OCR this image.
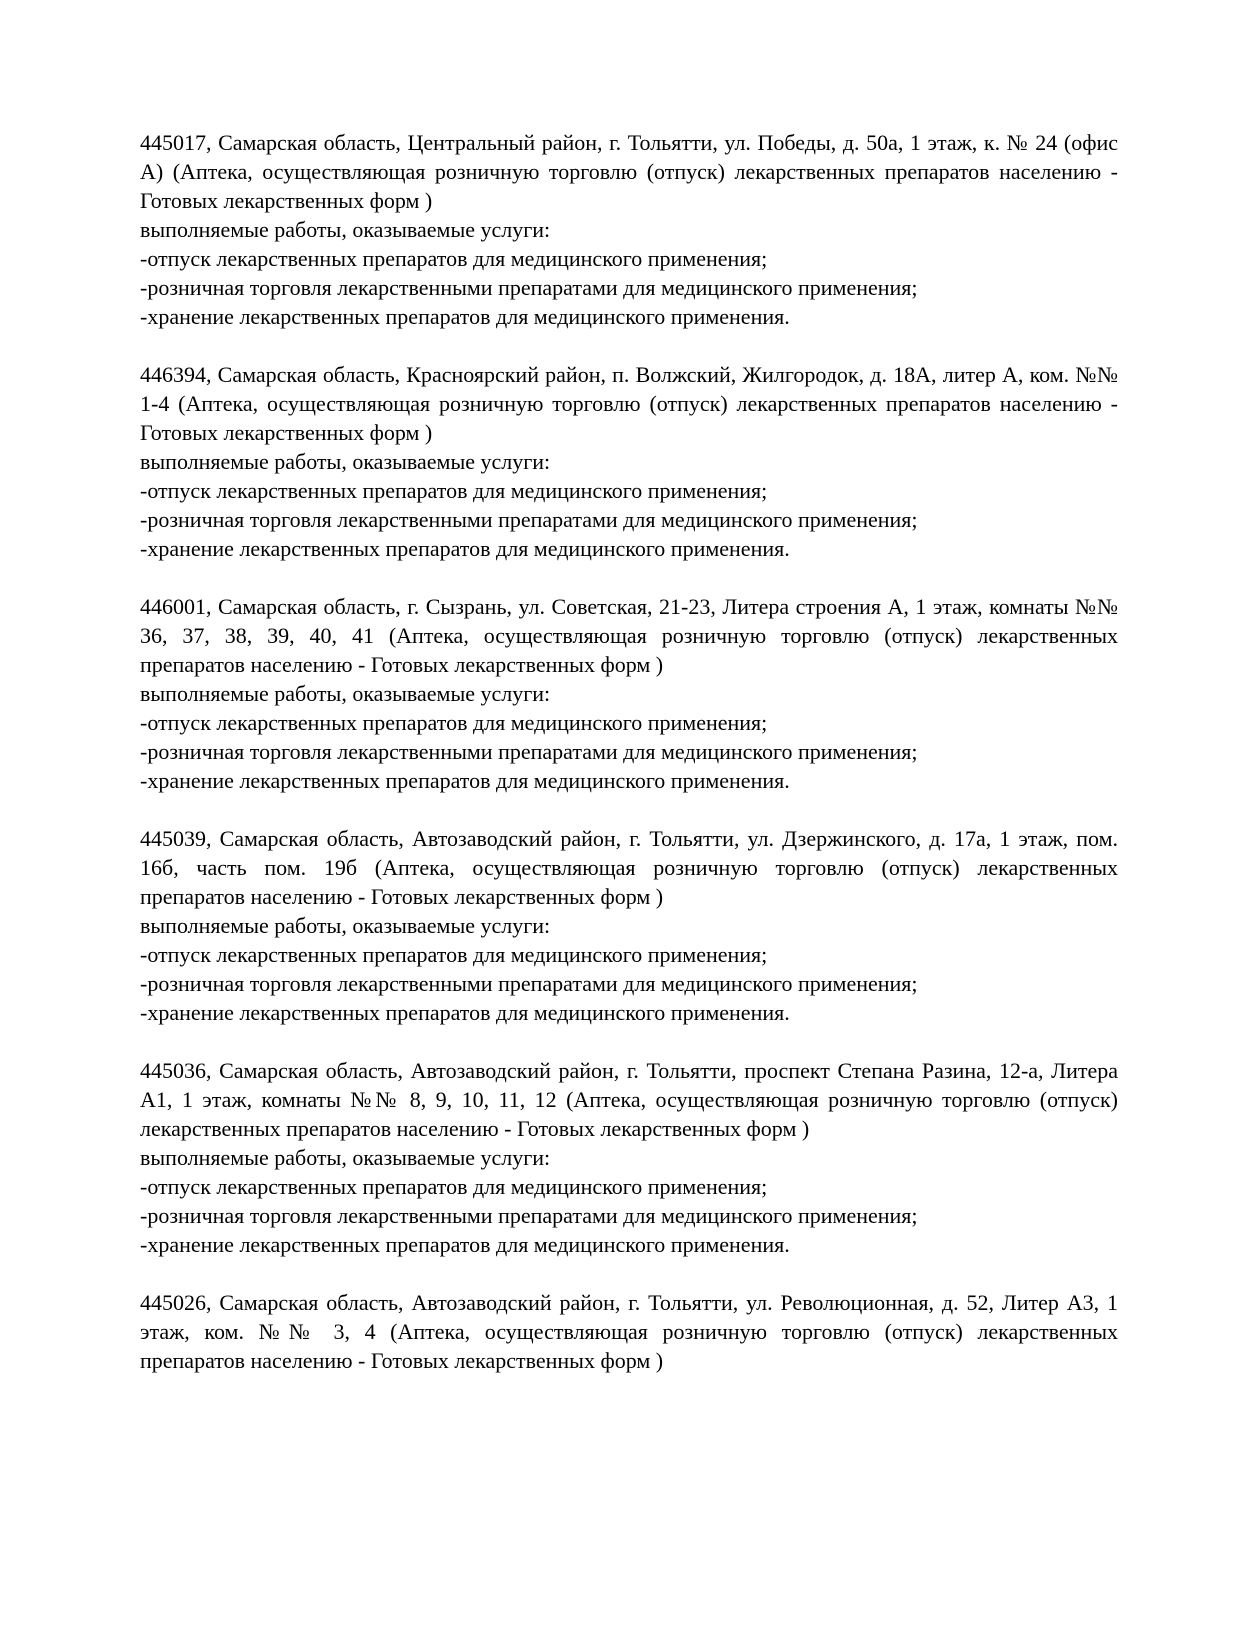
445017, Самарская область, Центральный район, г. Тольятти, ул. Победы, д. 50а, 1 этаж, к. № 24 (офис А) (Аптека, осуществляющая розничную торговлю (отпуск) лекарственных препаратов населению - Готовых лекарственных форм )

выполняемые работы, оказываемые услуги:

-отпуск лекарственных препаратов для медицинского применения;

-розничная торговля лекарственными препаратами для медицинского применения;

-хранение лекарственных препаратов для медицинского применения.

446394, Самарская область, Красноярский район, п. Волжский, Жилгородок, д. 18А, литер А, ком. №№ 1-4 (Аптека, осуществляющая розничную торговлю (отпуск) лекарственных препаратов населению - Готовых лекарственных форм )

выполняемые работы, оказываемые услуги:

-отпуск лекарственных препаратов для медицинского применения;

-розничная торговля лекарственными препаратами для медицинского применения;

-хранение лекарственных препаратов для медицинского применения.

446001, Самарская область, г. Сызрань, ул. Советская, 21-23, Литера строения А, 1 этаж, комнаты №№ 36, 37, 38, 39, 40, 41 (Аптека, осуществляющая розничную торговлю (отпуск) лекарственных препаратов населению - Готовых лекарственных форм )

выполняемые работы, оказываемые услуги:

-отпуск лекарственных препаратов для медицинского применения;

-розничная торговля лекарственными препаратами для медицинского применения;

-хранение лекарственных препаратов для медицинского применения.

445039, Самарская область, Автозаводский район, г. Тольятти, ул. Дзержинского, д. 17а, 1 этаж, пом. 16б, часть пом. 19б (Аптека, осуществляющая розничную торговлю (отпуск) лекарственных препаратов населению - Готовых лекарственных форм )

выполняемые работы, оказываемые услуги:

-отпуск лекарственных препаратов для медицинского применения;

-розничная торговля лекарственными препаратами для медицинского применения;

-хранение лекарственных препаратов для медицинского применения.

445036, Самарская область, Автозаводский район, г. Тольятти, проспект Степана Разина, 12-а, Литера А1, 1 этаж, комнаты №№ 8, 9, 10, 11, 12 (Аптека, осуществляющая розничную торговлю (отпуск) лекарственных препаратов населению - Готовых лекарственных форм )

выполняемые работы, оказываемые услуги:

-отпуск лекарственных препаратов для медицинского применения;

-розничная торговля лекарственными препаратами для медицинского применения;

-хранение лекарственных препаратов для медицинского применения.

445026, Самарская область, Автозаводский район, г. Тольятти, ул. Революционная, д. 52, Литер А3, 1 этаж, ком. №№ 3, 4 (Аптека, осуществляющая розничную торговлю (отпуск) лекарственных препаратов населению - Готовых лекарственных форм )
